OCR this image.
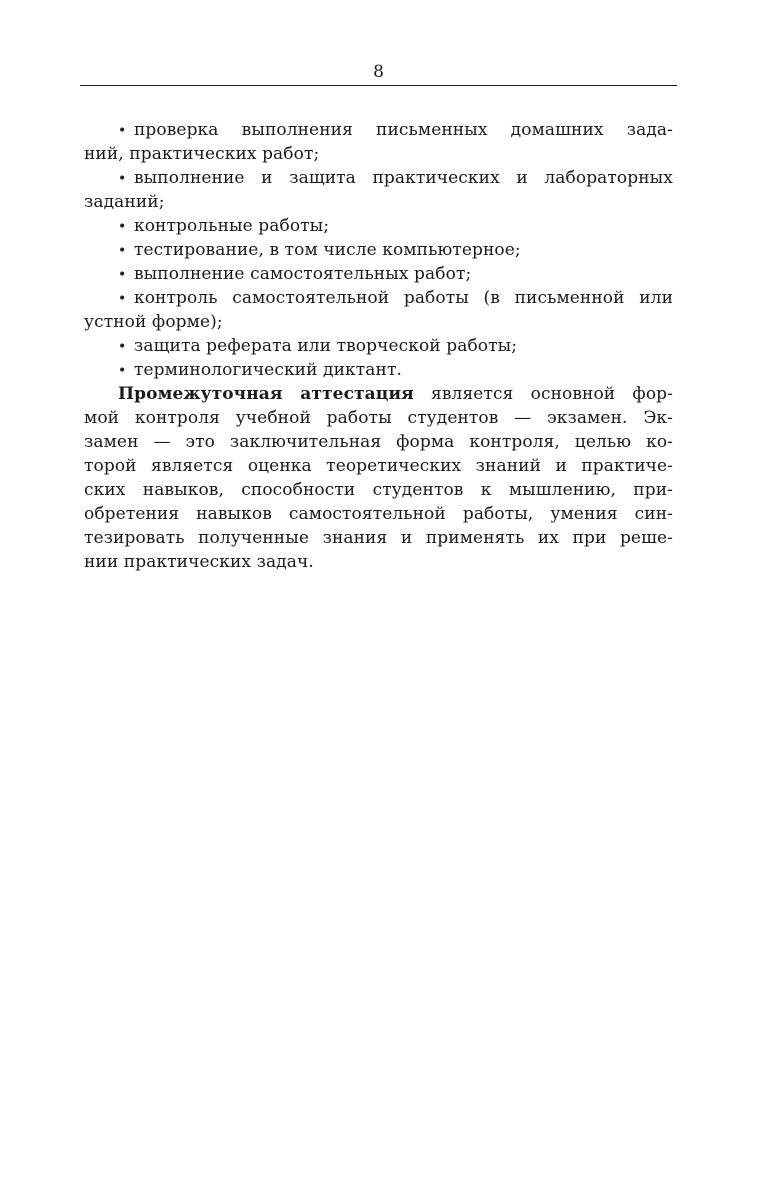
8
• проверка выполнения письменных домашних зада-
ний, практических работ;
• выполнение и защита практических и лабораторных
заданий;
• контрольные работы;
• тестирование, в том числе компьютерное;
• выполнение самостоятельных работ;
• контроль самостоятельной работы (в письменной или
устной форме);
• защита реферата или творческой работы;
• терминологический диктант.
Промежуточная аттестация является основной фор-
мой контроля учебной работы студентов — экзамен. Эк-
замен — это заключительная форма контроля, целью ко-
торой является оценка теоретических знаний и практиче-
ских навыков, способности студентов к мышлению, при-
обретения навыков самостоятельной работы, умения син-
тезировать полученные знания и применять их при реше-
нии практических задач.
